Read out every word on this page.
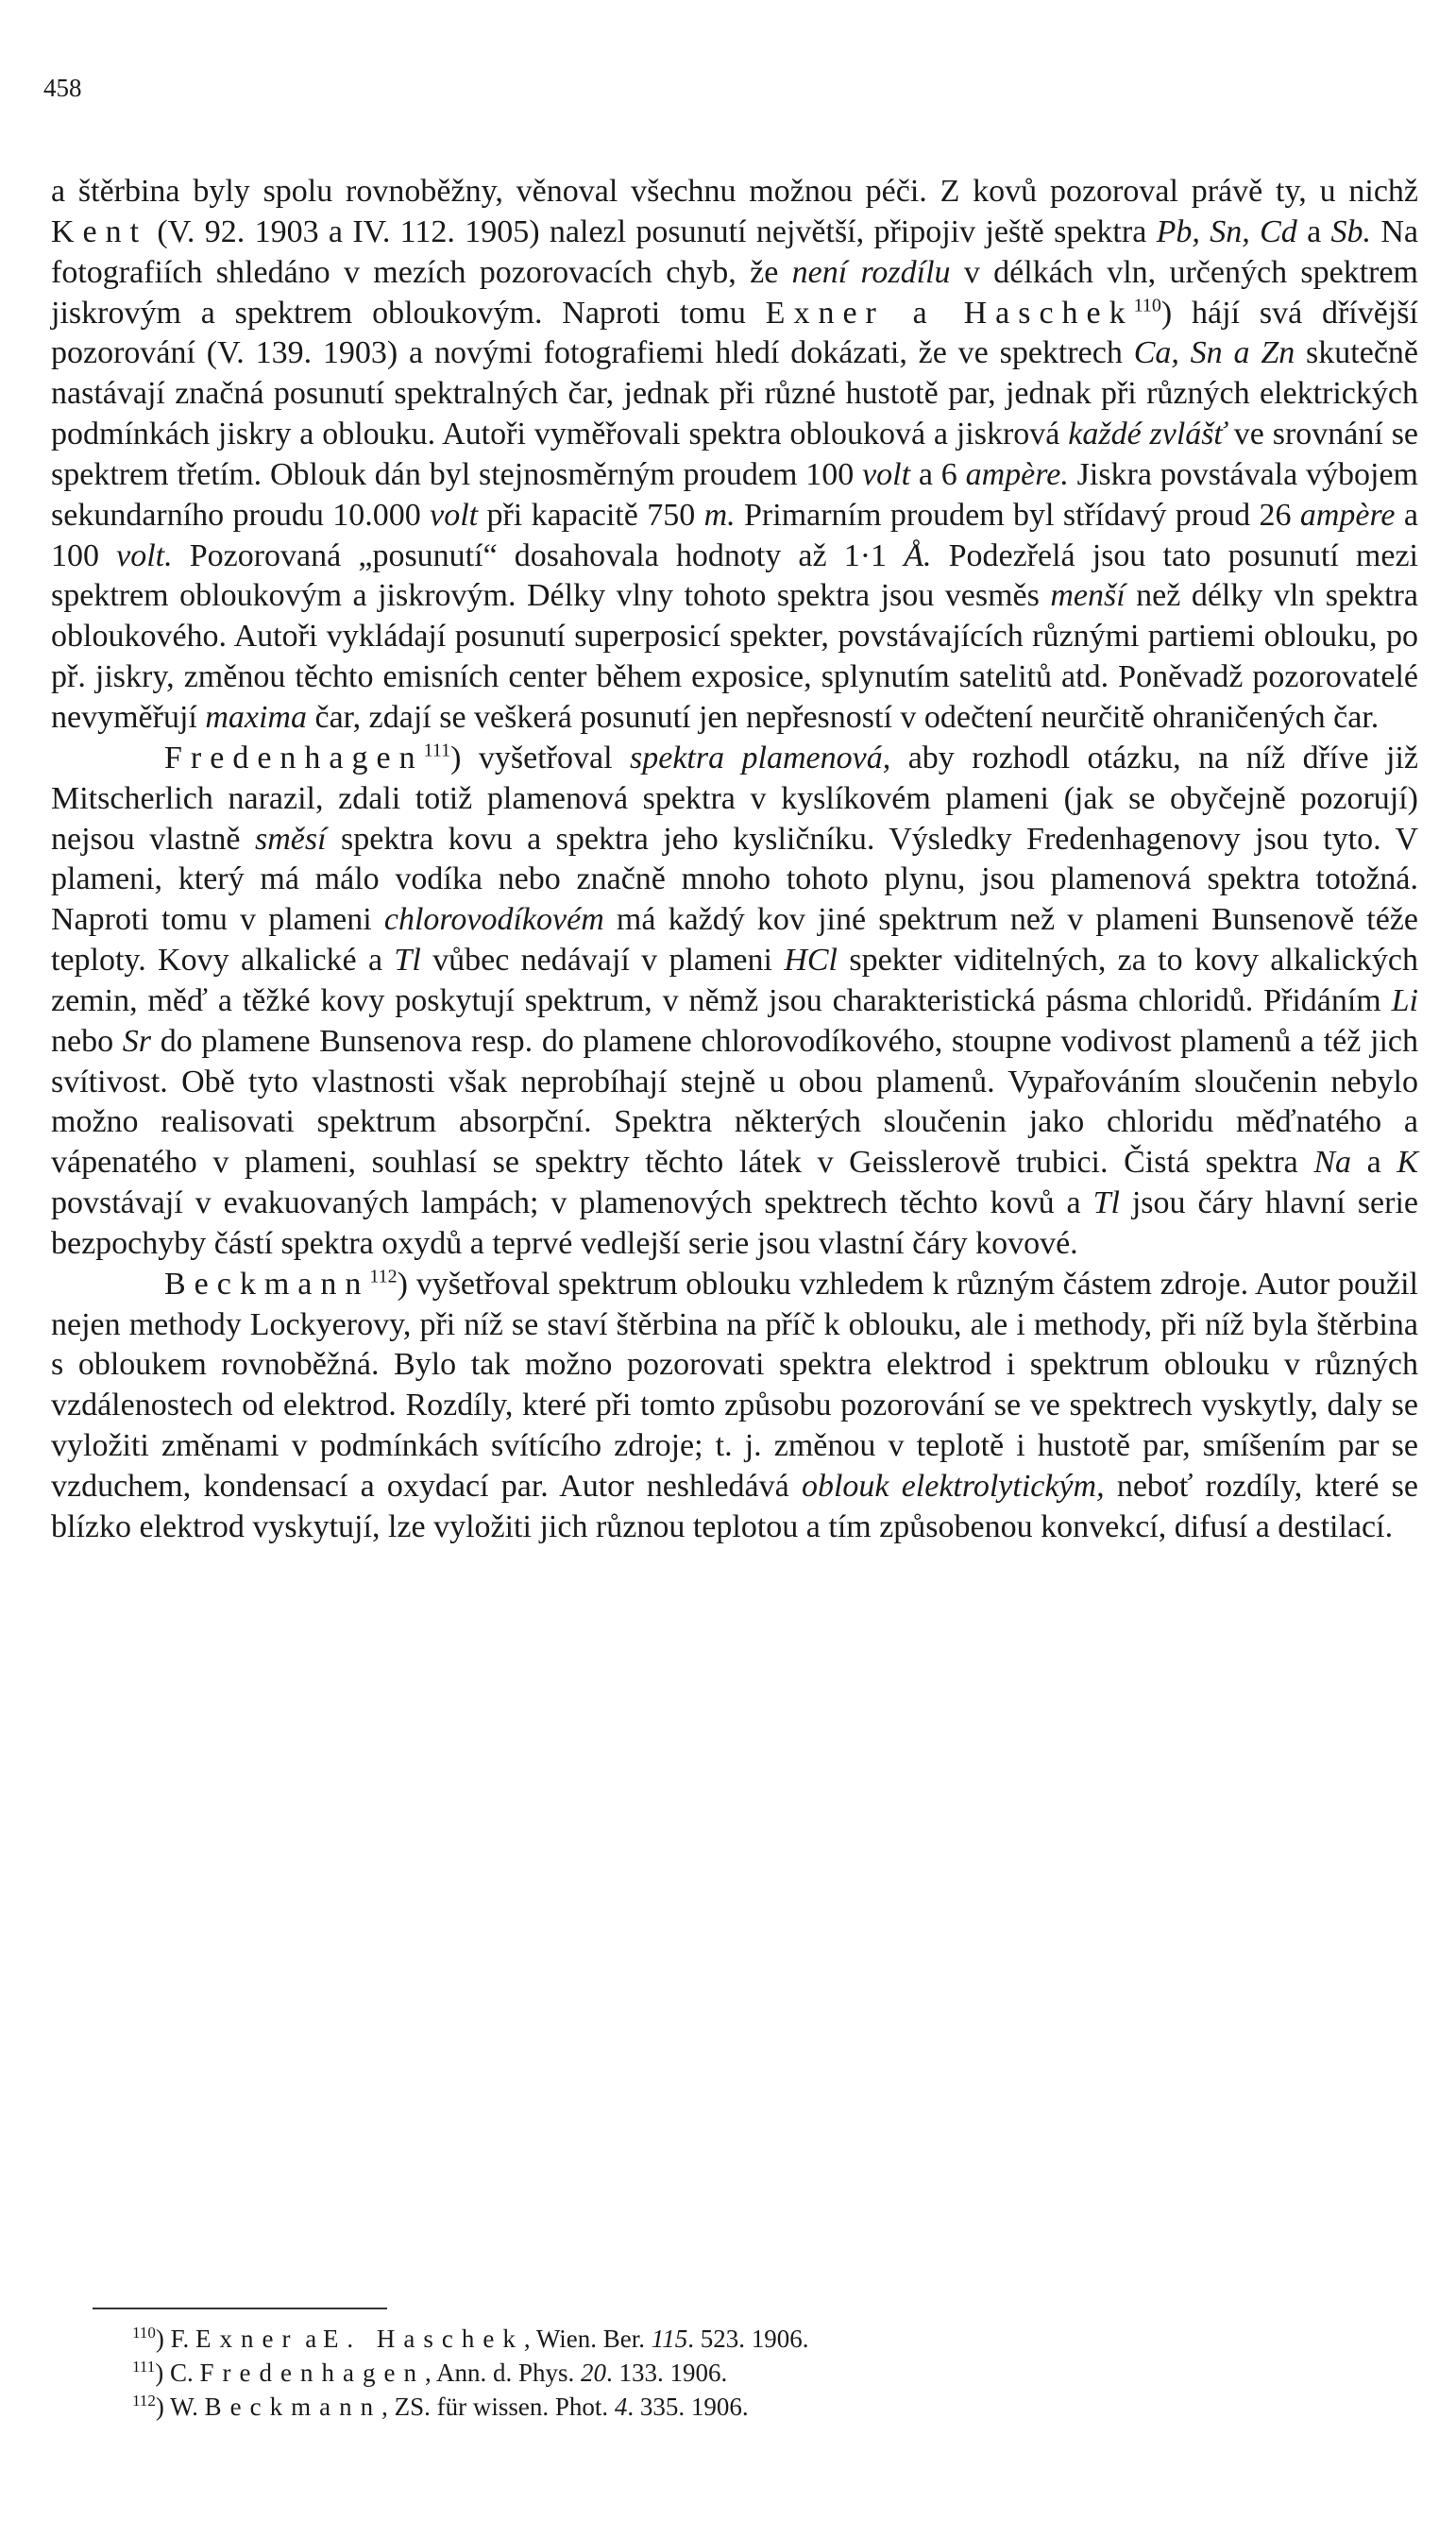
458

a štěrbina byly spolu rovnoběžny, věnoval všechnu možnou péči. Z kovů pozoroval právě ty, u nichž Kent (V. 92. 1903 a IV. 112. 1905) nalezl posunutí největší, připojiv ještě spektra Pb, Sn, Cd a Sb. Na fotografiích shledáno v mezích pozorovacích chyb, že není rozdílu v délkách vln, určených spektrem jiskrovým a spektrem obloukovým. Naproti tomu Exner a Haschek$^{110}$) hájí svá dřívější pozorování (V. 139. 1903) a novými fotografiemi hledí dokázati, že ve spektrech Ca, Sn a Zn skutečně nastávají značná posunutí spektralných čar, jednak při různé hustotě par, jednak při různých elektrických podmínkách jiskry a oblouku. Autoři vyměřovali spektra oblouková a jiskrová každé zvlášť ve srovnání se spektrem třetím. Oblouk dán byl stejnosměrným proudem 100 volt a 6 ampère. Jiskra povstávala výbojem sekundarního proudu 10.000 volt při kapacitě 750 m. Primarním proudem byl střídavý proud 26 ampère a 100 volt. Pozorovaná „posunutí“ dosahovala hodnoty až 1·1 Å. Podezřelá jsou tato posunutí mezi spektrem obloukovým a jiskrovým. Délky vlny tohoto spektra jsou vesměs menší než délky vln spektra obloukového. Autoři vykládají posunutí superposicí spekter, povstávajících různými partiemi oblouku, po př. jiskry, změnou těchto emisních center během exposice, splynutím satelitů atd. Poněvadž pozorovatelé nevyměřují maxima čar, zdají se veškerá posunutí jen nepřesností v odečtení neurčitě ohraničených čar.

Fredenhagen$^{111}$) vyšetřoval spektra plamenová, aby rozhodl otázku, na níž dříve již Mitscherlich narazil, zdali totiž plamenová spektra v kyslíkovém plameni (jak se obyčejně pozorují) nejsou vlastně směsí spektra kovu a spektra jeho kysličníku. Výsledky Fredenhagenovy jsou tyto. V plameni, který má málo vodíka nebo značně mnoho tohoto plynu, jsou plamenová spektra totožná. Naproti tomu v plameni chlorovodíkovém má každý kov jiné spektrum než v plameni Bunsenově téže teploty. Kovy alkalické a Tl vůbec nedávají v plameni HCl spekter viditelných, za to kovy alkalických zemin, měď a těžké kovy poskytují spektrum, v němž jsou charakteristická pásma chloridů. Přidáním Li nebo Sr do plamene Bunsenova resp. do plamene chlorovodíkového, stoupne vodivost plamenů a též jich svítivost. Obě tyto vlastnosti však neprobíhají stejně u obou plamenů. Vypařováním sloučenin nebylo možno realisovati spektrum absorpční. Spektra některých sloučenin jako chloridu měďnatého a vápenatého v plameni, souhlasí se spektry těchto látek v Geisslerově trubici. Čistá spektra Na a K povstávají v evakuovaných lampách; v plamenových spektrech těchto kovů a Tl jsou čáry hlavní serie bezpochyby částí spektra oxydů a teprvé vedlejší serie jsou vlastní čáry kovové.

Beckmann$^{112}$) vyšetřoval spektrum oblouku vzhledem k různým částem zdroje. Autor použil nejen methody Lockyerovy, při níž se staví štěrbina na příč k oblouku, ale i methody, při níž byla štěrbina s obloukem rovnoběžná. Bylo tak možno pozorovati spektra elektrod i spektrum oblouku v různých vzdálenostech od elektrod. Rozdíly, které při tomto způsobu pozorování se ve spektrech vyskytly, daly se vyložiti změnami v podmínkách svítícího zdroje; t. j. změnou v teplotě i hustotě par, smíšením par se vzduchem, kondensací a oxydací par. Autor neshledává oblouk elektrolytickým, neboť rozdíly, které se blízko elektrod vyskytují, lze vyložiti jich různou teplotou a tím způsobenou konvekcí, difusí a destilací.

$^{110}$) F. Exner a E. Haschek, Wien. Ber. 115. 523. 1906.
$^{111}$) C. Fredenhagen, Ann. d. Phys. 20. 133. 1906.
$^{112}$) W. Beckmann, ZS. für wissen. Phot. 4. 335. 1906.
